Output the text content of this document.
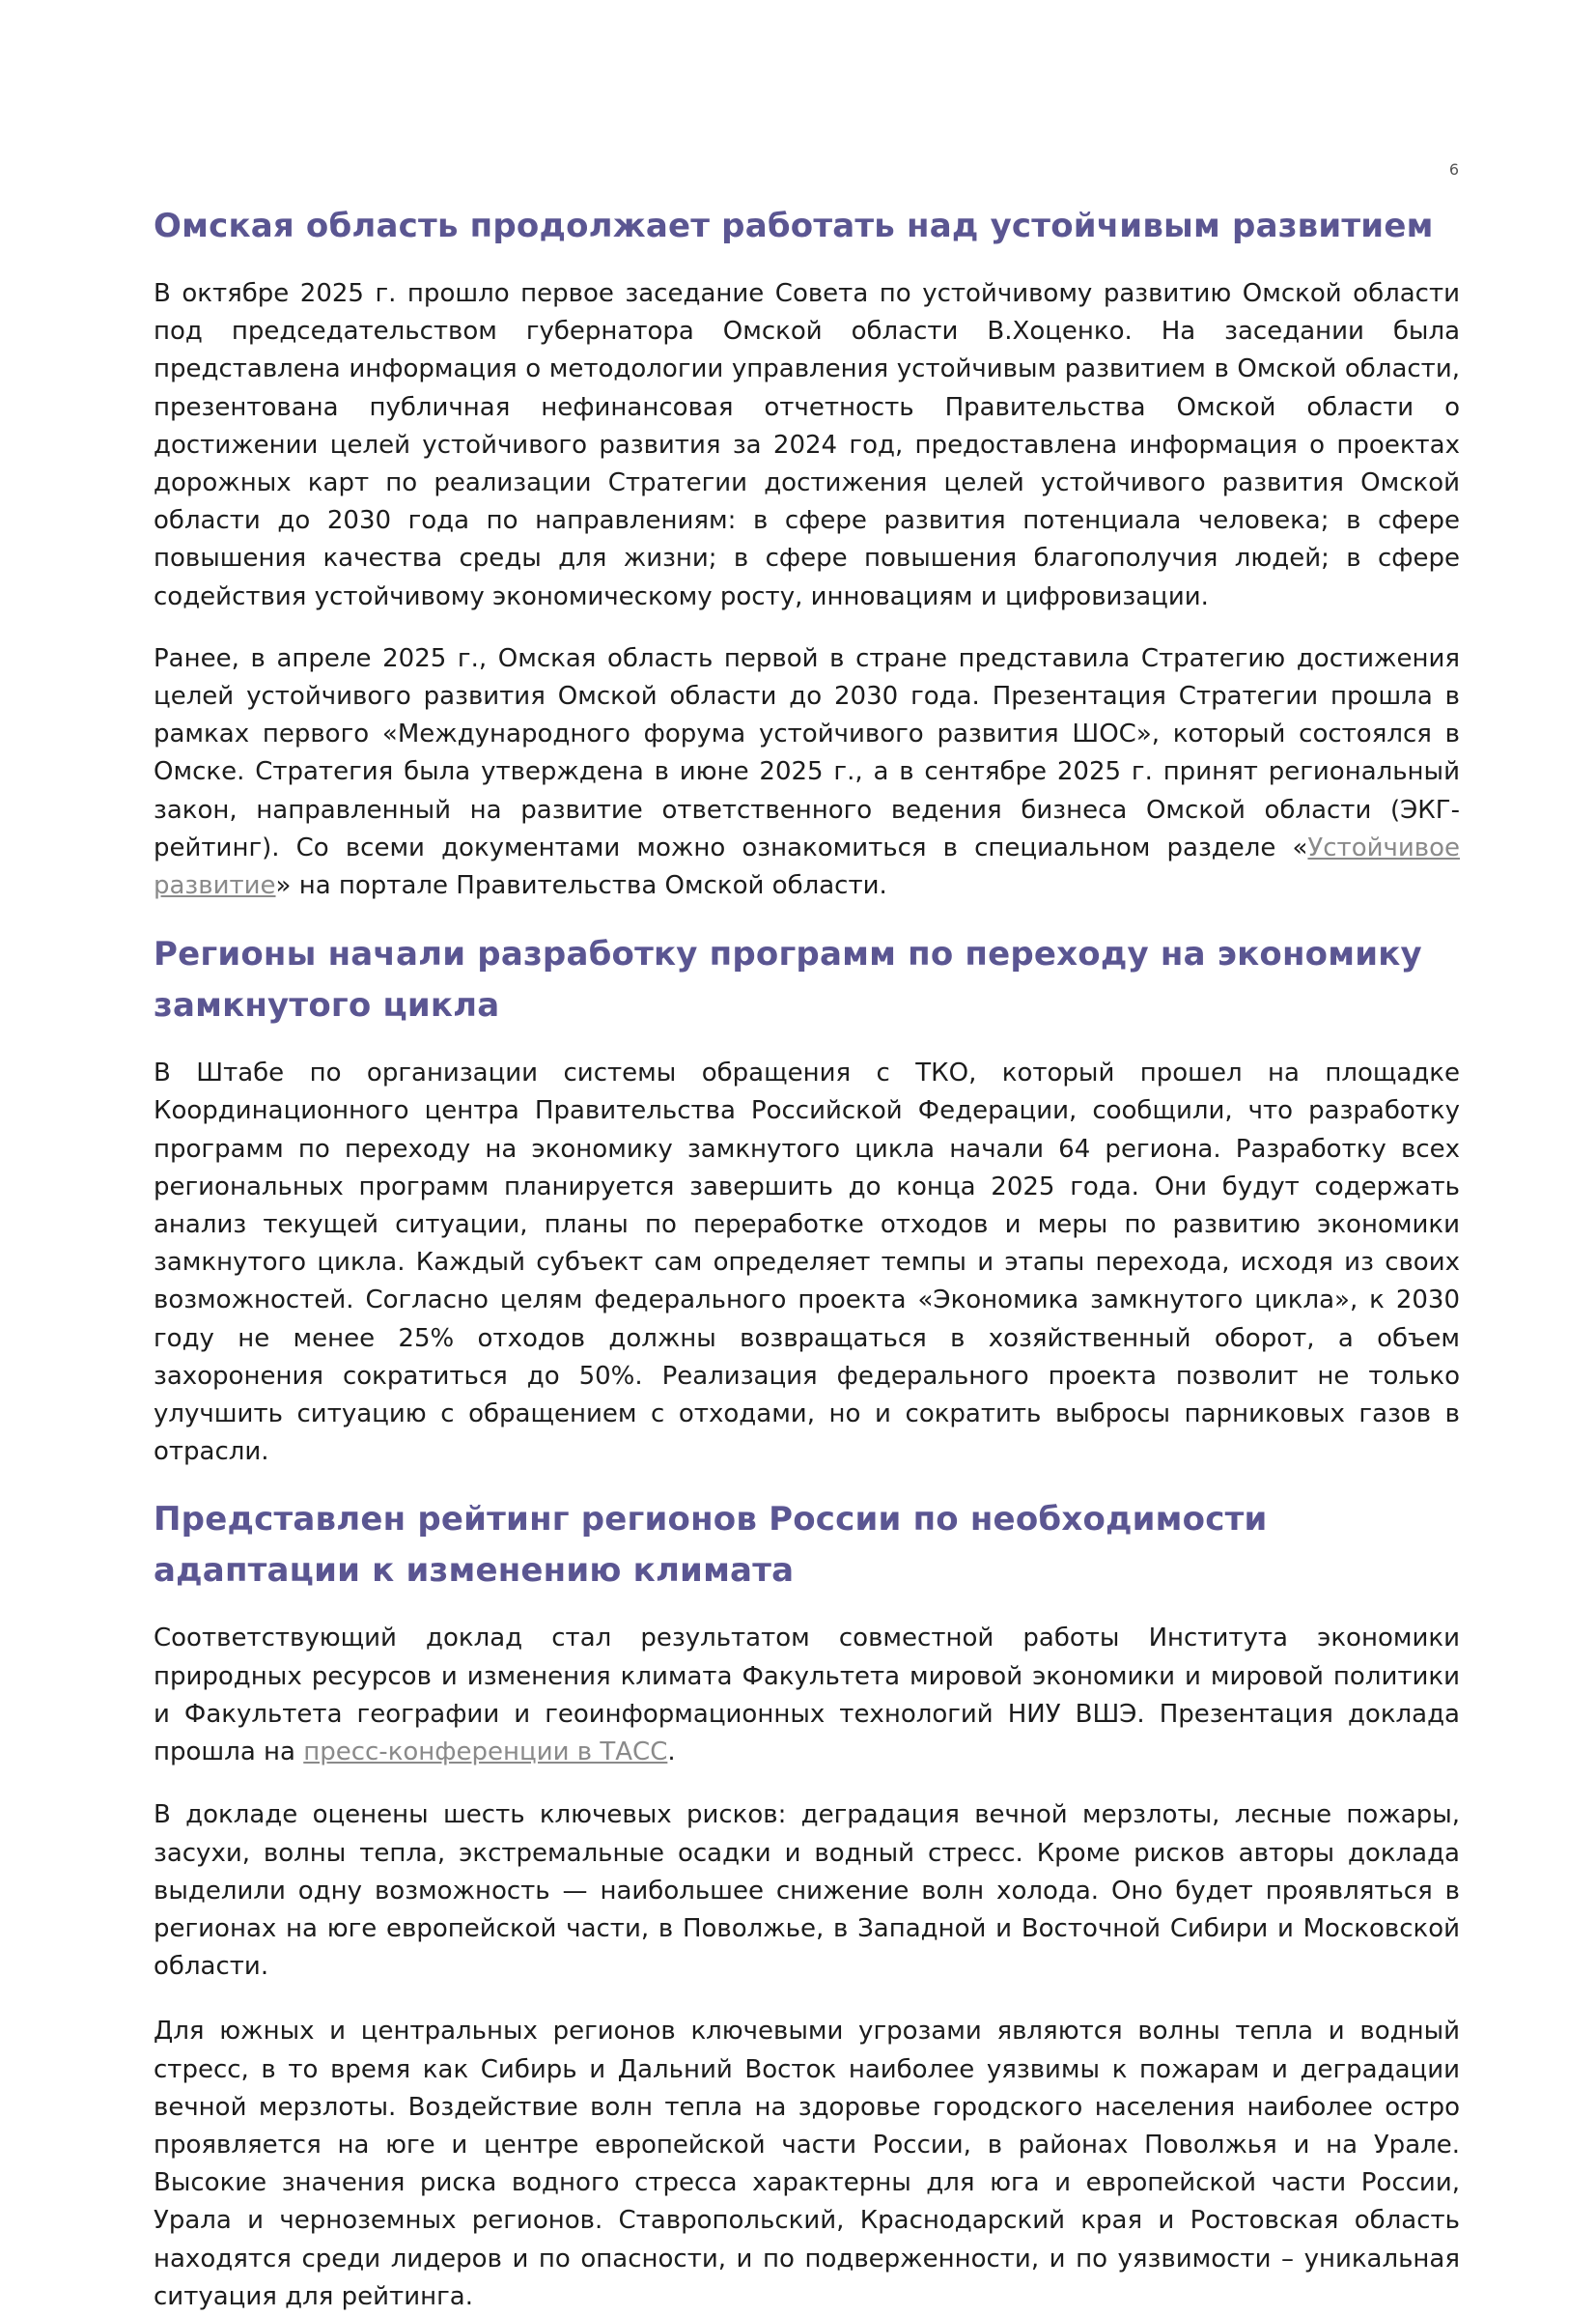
6
Омская область продолжает работать над устойчивым развитием

В октябре 2025 г. прошло первое заседание Совета по устойчивому развитию Омской области под председательством губернатора Омской области В.Хоценко. На заседании была представлена информация о методологии управления устойчивым развитием в Омской области, презентована публичная нефинансовая отчетность Правительства Омской области о достижении целей устойчивого развития за 2024 год, предоставлена информация о проектах дорожных карт по реализации Стратегии достижения целей устойчивого развития Омской области до 2030 года по направлениям: в сфере развития потенциала человека; в сфере повышения качества среды для жизни; в сфере повышения благополучия людей; в сфере содействия устойчивому экономическому росту, инновациям и цифровизации.

Ранее, в апреле 2025 г., Омская область первой в стране представила Стратегию достижения целей устойчивого развития Омской области до 2030 года. Презентация Стратегии прошла в рамках первого «Международного форума устойчивого развития ШОС», который состоялся в Омске. Стратегия была утверждена в июне 2025 г., а в сентябре 2025 г. принят региональный закон, направленный на развитие ответственного ведения бизнеса Омской области (ЭКГ-рейтинг). Со всеми документами можно ознакомиться в специальном разделе «Устойчивое развитие» на портале Правительства Омской области.

Регионы начали разработку программ по переходу на экономику замкнутого цикла

В Штабе по организации системы обращения с ТКО, который прошел на площадке Координационного центра Правительства Российской Федерации, сообщили, что разработку программ по переходу на экономику замкнутого цикла начали 64 региона. Разработку всех региональных программ планируется завершить до конца 2025 года. Они будут содержать анализ текущей ситуации, планы по переработке отходов и меры по развитию экономики замкнутого цикла. Каждый субъект сам определяет темпы и этапы перехода, исходя из своих возможностей. Согласно целям федерального проекта «Экономика замкнутого цикла», к 2030 году не менее 25% отходов должны возвращаться в хозяйственный оборот, а объем захоронения сократиться до 50%. Реализация федерального проекта позволит не только улучшить ситуацию с обращением с отходами, но и сократить выбросы парниковых газов в отрасли.

Представлен рейтинг регионов России по необходимости адаптации к изменению климата

Соответствующий доклад стал результатом совместной работы Института экономики природных ресурсов и изменения климата Факультета мировой экономики и мировой политики и Факультета географии и геоинформационных технологий НИУ ВШЭ. Презентация доклада прошла на пресс-конференции в ТАСС.

В докладе оценены шесть ключевых рисков: деградация вечной мерзлоты, лесные пожары, засухи, волны тепла, экстремальные осадки и водный стресс. Кроме рисков авторы доклада выделили одну возможность — наибольшее снижение волн холода. Оно будет проявляться в регионах на юге европейской части, в Поволжье, в Западной и Восточной Сибири и Московской области.

Для южных и центральных регионов ключевыми угрозами являются волны тепла и водный стресс, в то время как Сибирь и Дальний Восток наиболее уязвимы к пожарам и деградации вечной мерзлоты. Воздействие волн тепла на здоровье городского населения наиболее остро проявляется на юге и центре европейской части России, в районах Поволжья и на Урале. Высокие значения риска водного стресса характерны для юга и европейской части России, Урала и черноземных регионов. Ставропольский, Краснодарский края и Ростовская область находятся среди лидеров и по опасности, и по подверженности, и по уязвимости – уникальная ситуация для рейтинга.
